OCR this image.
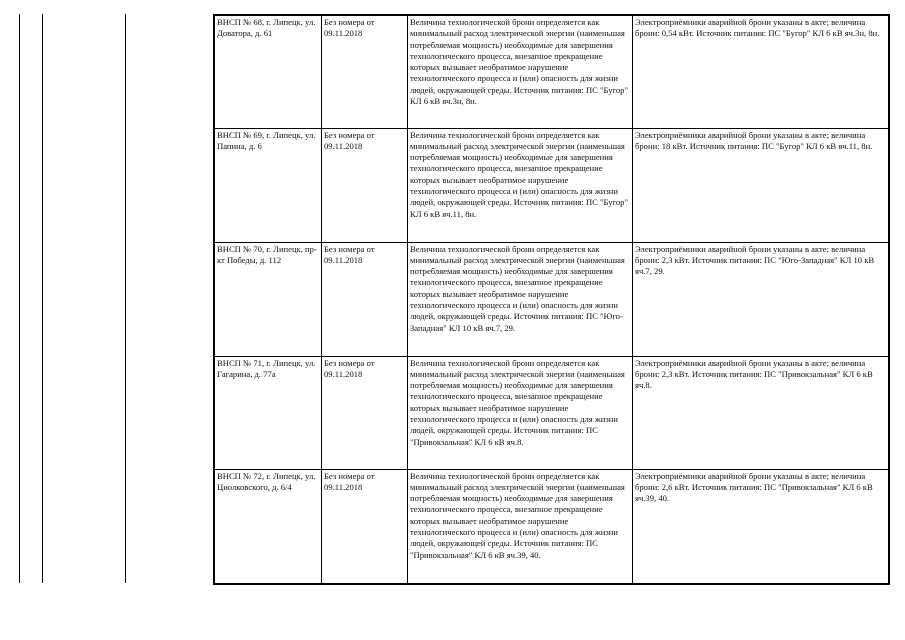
ВНСП № 68, г. Липецк, ул. Доватора, д. 61	Без номера от 09.11.2018	Величина технологической брони определяется как минимальный расход электрической энергии (наименьшая потребляемая мощность) необходимые для завершения технологического процесса, внезапное прекращение которых вызывает необратимое нарушение технологического процесса и (или) опасность для жизни людей, окружающей среды. Источник питания: ПС "Бугор" КЛ 6 кВ яч.3н, 8н.	Электроприёмники аварийной брони указаны в акте; величина брони: 0,54 кВт. Источник питания: ПС "Бугор" КЛ 6 кВ яч.3н, 8н.
ВНСП № 69, г. Липецк, ул. Папина, д. 6	Без номера от 09.11.2018	Величина технологической брони определяется как минимальный расход электрической энергии (наименьшая потребляемая мощность) необходимые для завершения технологического процесса, внезапное прекращение которых вызывает необратимое нарушение технологического процесса и (или) опасность для жизни людей, окружающей среды. Источник питания: ПС "Бугор" КЛ 6 кВ яч.11, 8н.	Электроприёмники аварийной брони указаны в акте; величина брони: 18 кВт. Источник питания: ПС "Бугор" КЛ 6 кВ яч.11, 8н.
ВНСП № 70, г. Липецк, пр-кт Победы, д. 112	Без номера от 09.11.2018	Величина технологической брони определяется как минимальный расход электрической энергии (наименьшая потребляемая мощность) необходимые для завершения технологического процесса, внезапное прекращение которых вызывает необратимое нарушение технологического процесса и (или) опасность для жизни людей, окружающей среды. Источник питания: ПС "Юго-Западная" КЛ 10 кВ яч.7, 29.	Электроприёмники аварийной брони указаны в акте; величина брони: 2,3 кВт. Источник питания: ПС "Юго-Западная" КЛ 10 кВ яч.7, 29.
ВНСП № 71, г. Липецк, ул. Гагарина, д. 77а	Без номера от 09.11.2018	Величина технологической брони определяется как минимальный расход электрической энергии (наименьшая потребляемая мощность) необходимые для завершения технологического процесса, внезапное прекращение которых вызывает необратимое нарушение технологического процесса и (или) опасность для жизни людей, окружающей среды. Источник питания: ПС "Привокзальная" КЛ 6 кВ яч.8.	Электроприёмники аварийной брони указаны в акте; величина брони: 2,3 кВт. Источник питания: ПС "Привокзальная" КЛ 6 кВ яч.8.
ВНСП № 72, г. Липецк, ул. Циолковского, д. 6/4	Без номера от 09.11.2018	Величина технологической брони определяется как минимальный расход электрической энергии (наименьшая потребляемая мощность) необходимые для завершения технологического процесса, внезапное прекращение которых вызывает необратимое нарушение технологического процесса и (или) опасность для жизни людей, окружающей среды. Источник питания: ПС "Привокзальная" КЛ 6 кВ яч.39, 40.	Электроприёмники аварийной брони указаны в акте; величина брони: 2,6 кВт. Источник питания: ПС "Привокзальная" КЛ 6 кВ яч.39, 40.
